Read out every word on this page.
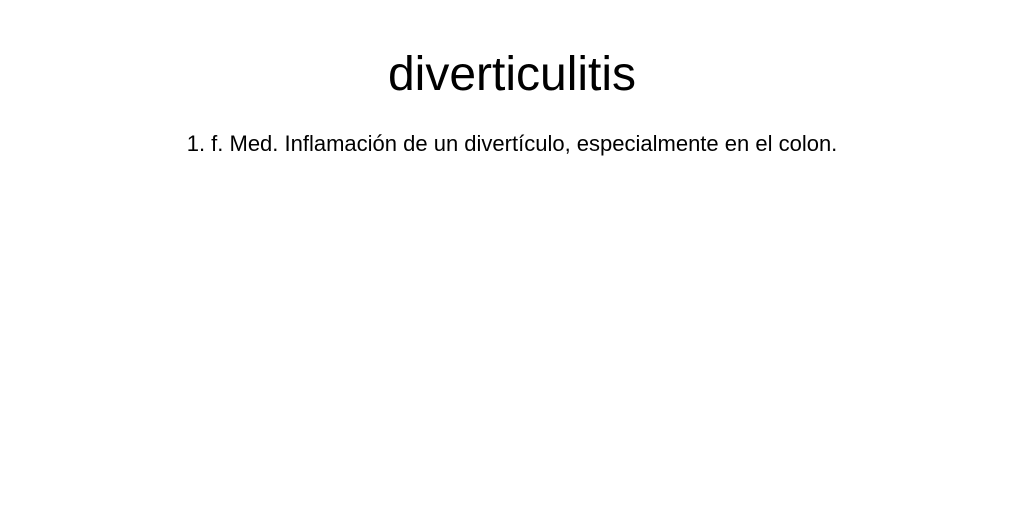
diverticulitis

1. f. Med. Inflamación de un divertículo, especialmente en el colon.
